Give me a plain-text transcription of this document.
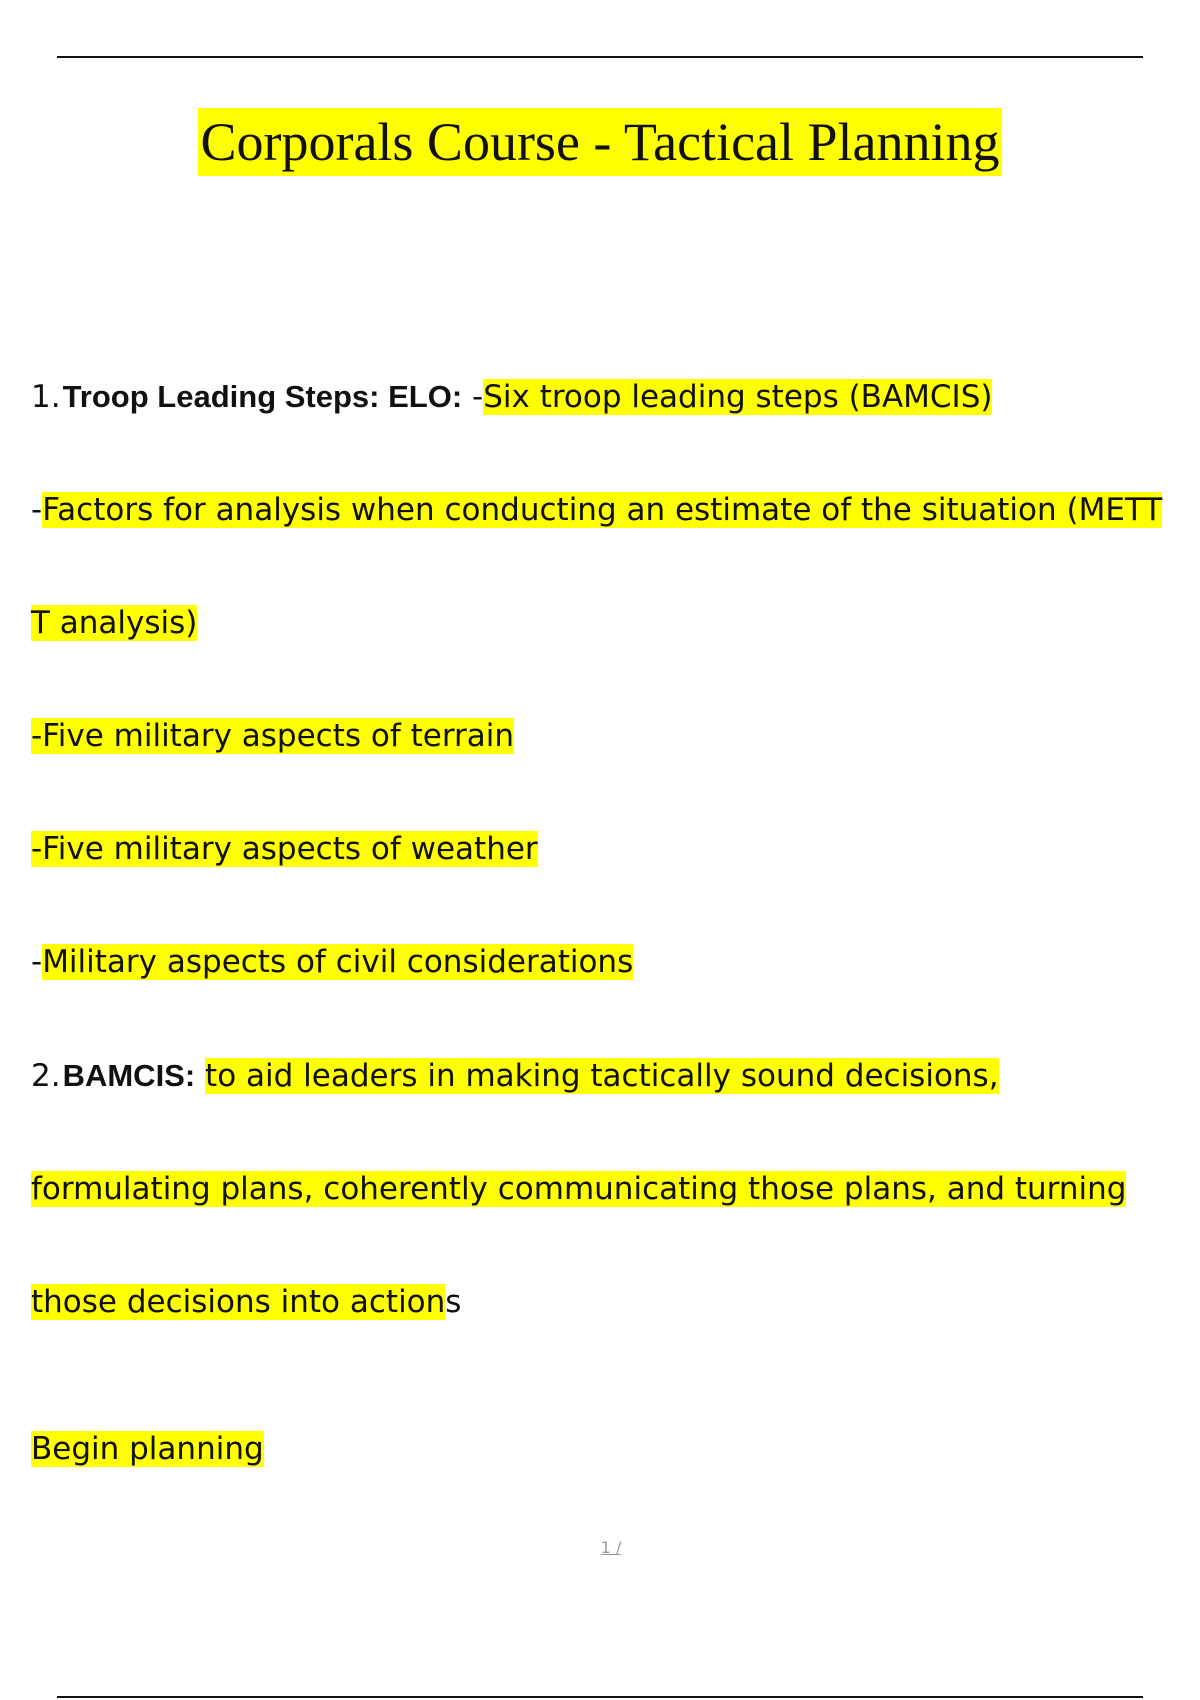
Corporals Course - Tactical Planning
1.Troop Leading Steps: ELO: -Six troop leading steps (BAMCIS)
-Factors for analysis when conducting an estimate of the situation (METT
T analysis)
-Five military aspects of terrain
-Five military aspects of weather
-Military aspects of civil considerations
2.BAMCIS: to aid leaders in making tactically sound decisions,
formulating plans, coherently communicating those plans, and turning
those decisions into actions
Begin planning
1 /
